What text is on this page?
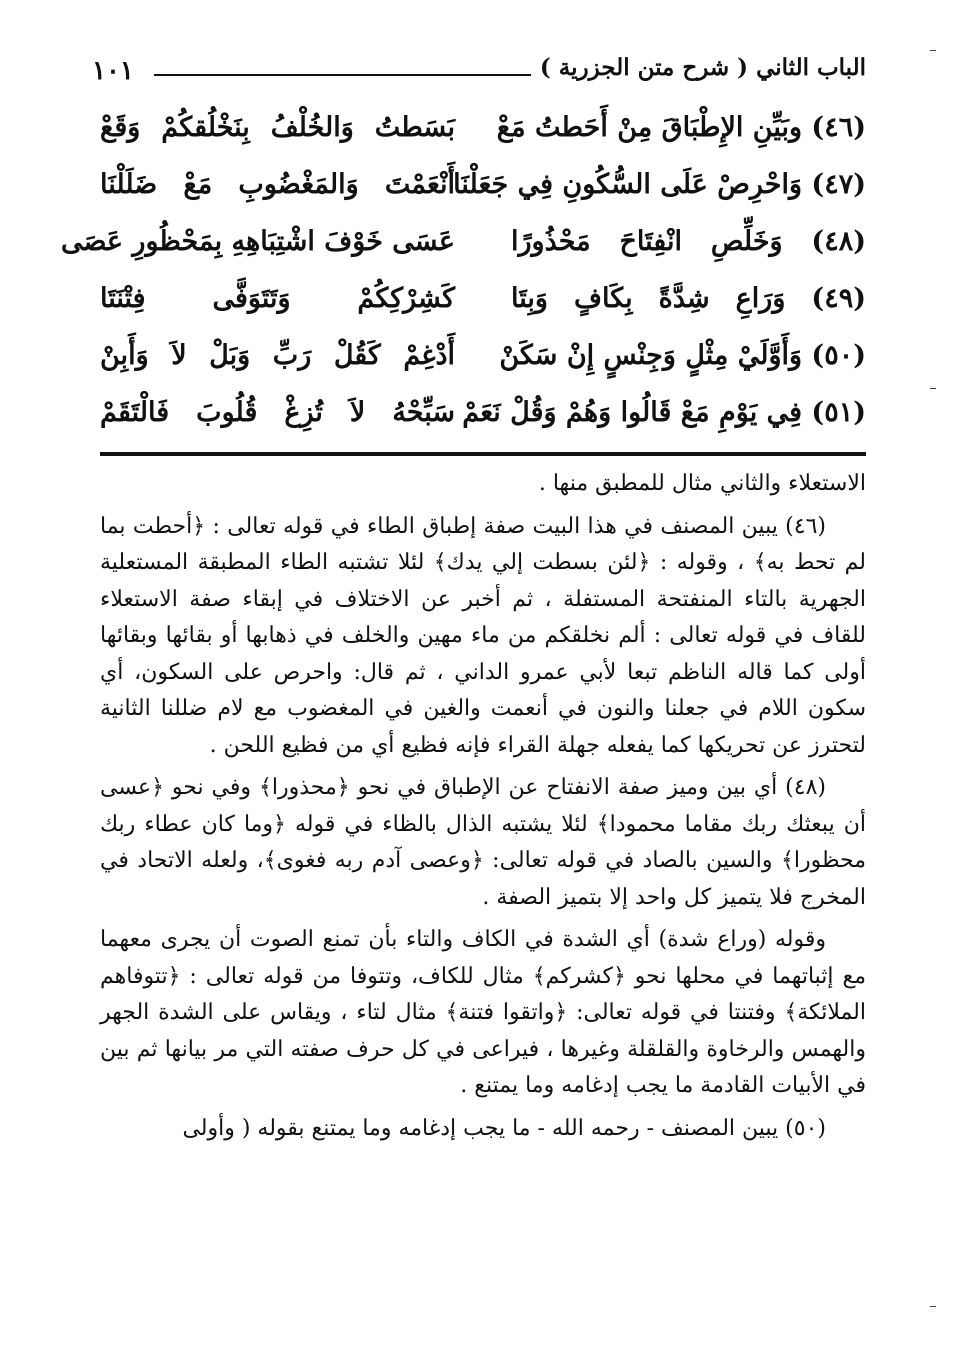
١٠١	الباب الثاني ( شرح متن الجزرية )
(٤٦) وبَيِّنِ الإِطْبَاقَ مِنْ أَحَطتُ مَعْ
بَسَطتُ وَالخُلْفُ بِنَخْلُقكُمْ وَقَعْ
(٤٧) وَاحْرِصْ عَلَى السُّكُونِ فِي جَعَلْنَا
أَنْعَمْتَ وَالمَغْضُوبِ مَعْ ضَلَلْنَا
(٤٨) وَخَلِّصِ انْفِتَاحَ مَحْذُورًا
عَسَى خَوْفَ اشْتِبَاهِهِ بِمَحْظُورِ عَصَى
(٤٩) وَرَاعِ شِدَّةً بِكَافٍ وَبِتَا
كَشِرْكِكُمْ وَتَتَوَفَّى فِتْنَتَا
(٥٠) وَأَوَّلَيْ مِثْلٍ وَجِنْسٍ إِنْ سَكَنْ
أَدْغِمْ كَقُلْ رَبِّ وَبَلْ لاَ وَأَبِنْ
(٥١) فِي يَوْمِ مَعْ قَالُوا وَهُمْ وَقُلْ نَعَمْ
سَبِّحْهُ لاَ تُزِغْ قُلُوبَ فَالْتَقَمْ

الاستعلاء والثاني مثال للمطبق منها .

(٤٦) يبين المصنف في هذا البيت صفة إطباق الطاء في قوله تعالى : ﴿أحطت بما لم تحط به﴾ ، وقوله : ﴿لئن بسطت إلي يدك﴾ لئلا تشتبه الطاء المطبقة المستعلية الجهرية بالتاء المنفتحة المستفلة ، ثم أخبر عن الاختلاف في إبقاء صفة الاستعلاء للقاف في قوله تعالى : ألم نخلقكم من ماء مهين والخلف في ذهابها أو بقائها وبقائها أولى كما قاله الناظم تبعا لأبي عمرو الداني ، ثم قال: واحرص على السكون، أي سكون اللام في جعلنا والنون في أنعمت والغين في المغضوب مع لام ضللنا الثانية لتحترز عن تحريكها كما يفعله جهلة القراء فإنه فظيع أي من فظيع اللحن .

(٤٨) أي بين وميز صفة الانفتاح عن الإطباق في نحو ﴿محذورا﴾ وفي نحو ﴿عسى أن يبعثك ربك مقاما محمودا﴾ لئلا يشتبه الذال بالظاء في قوله ﴿وما كان عطاء ربك محظورا﴾ والسين بالصاد في قوله تعالى: ﴿وعصى آدم ربه فغوى﴾، ولعله الاتحاد في المخرج فلا يتميز كل واحد إلا بتميز الصفة .

وقوله (وراع شدة) أي الشدة في الكاف والتاء بأن تمنع الصوت أن يجرى معهما مع إثباتهما في محلها نحو ﴿كشركم﴾ مثال للكاف، وتتوفا من قوله تعالى : ﴿تتوفاهم الملائكة﴾ وفتنتا في قوله تعالى: ﴿واتقوا فتنة﴾ مثال لتاء ، ويقاس على الشدة الجهر والهمس والرخاوة والقلقلة وغيرها ، فيراعى في كل حرف صفته التي مر بيانها ثم بين في الأبيات القادمة ما يجب إدغامه وما يمتنع .

(٥٠) يبين المصنف - رحمه الله - ما يجب إدغامه وما يمتنع بقوله ( وأولى
